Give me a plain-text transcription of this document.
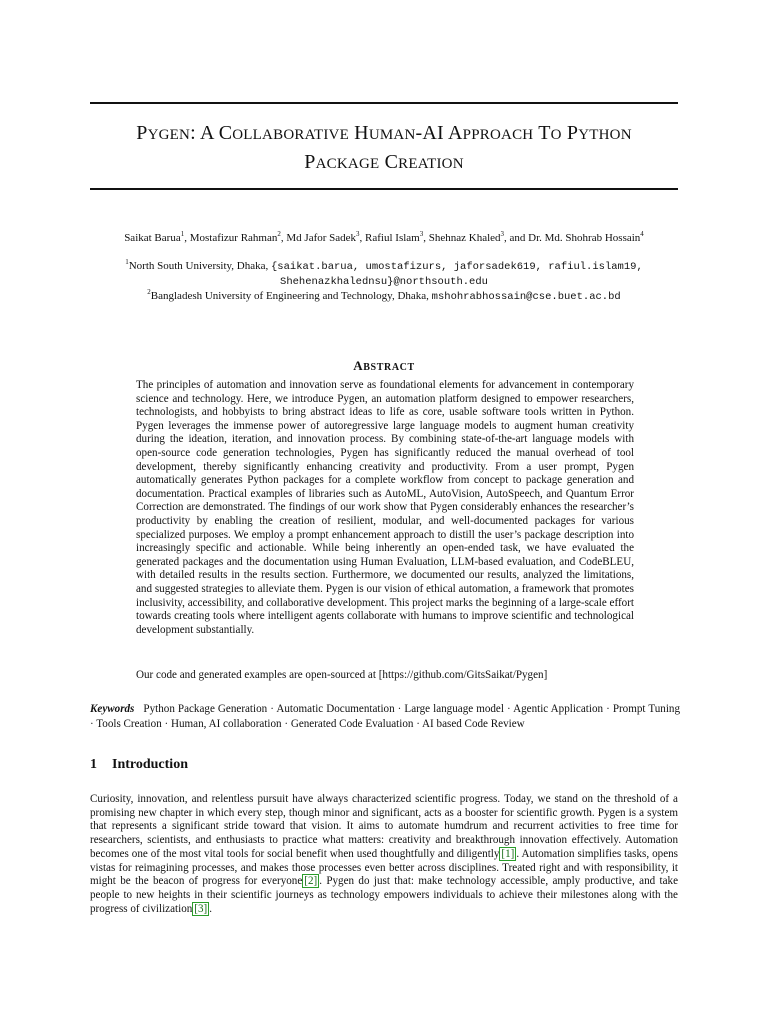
PYGEN: A COLLABORATIVE HUMAN-AI APPROACH TO PYTHON
PACKAGE CREATION
Saikat Barua$^1$, Mostafizur Rahman$^2$, Md Jafor Sadek$^3$, Rafiul Islam$^3$, Shehnaz Khaled$^3$, and Dr. Md. Shohrab Hossain$^4$
$^1$North South University, Dhaka, {saikat.barua, umostafizurs, jaforsadek619, rafiul.islam19,
Shehenazkhalednsu}@northsouth.edu
$^2$Bangladesh University of Engineering and Technology, Dhaka, mshohrabhossain@cse.buet.ac.bd
ABSTRACT

The principles of automation and innovation serve as foundational elements for advancement in contemporary science and technology. Here, we introduce Pygen, an automation platform designed to empower researchers, technologists, and hobbyists to bring abstract ideas to life as core, usable software tools written in Python. Pygen leverages the immense power of autoregressive large language models to augment human creativity during the ideation, iteration, and innovation process. By combining state-of-the-art language models with open-source code generation technologies, Pygen has significantly reduced the manual overhead of tool development, thereby significantly enhancing creativity and productivity. From a user prompt, Pygen automatically generates Python packages for a complete workflow from concept to package generation and documentation. Practical examples of libraries such as AutoML, AutoVision, AutoSpeech, and Quantum Error Correction are demonstrated. The findings of our work show that Pygen considerably enhances the researcher’s productivity by enabling the creation of resilient, modular, and well-documented packages for various specialized purposes. We employ a prompt enhancement approach to distill the user’s package description into increasingly specific and actionable. While being inherently an open-ended task, we have evaluated the generated packages and the documentation using Human Evaluation, LLM-based evaluation, and CodeBLEU, with detailed results in the results section. Furthermore, we documented our results, analyzed the limitations, and suggested strategies to alleviate them. Pygen is our vision of ethical automation, a framework that promotes inclusivity, accessibility, and collaborative development. This project marks the beginning of a large-scale effort towards creating tools where intelligent agents collaborate with humans to improve scientific and technological development substantially.

Our code and generated examples are open-sourced at [https://github.com/GitsSaikat/Pygen]
Keywords Python Package Generation · Automatic Documentation · Large language model · Agentic Application · Prompt Tuning · Tools Creation · Human, AI collaboration · Generated Code Evaluation · AI based Code Review
1 Introduction

Curiosity, innovation, and relentless pursuit have always characterized scientific progress. Today, we stand on the threshold of a promising new chapter in which every step, though minor and significant, acts as a booster for scientific growth. Pygen is a system that represents a significant stride toward that vision. It aims to automate humdrum and recurrent activities to free time for researchers, scientists, and enthusiasts to practice what matters: creativity and breakthrough innovation effectively. Automation becomes one of the most vital tools for social benefit when used thoughtfully and diligently [1] . Automation simplifies tasks, opens vistas for reimagining processes, and makes those processes even better across disciplines. Treated right and with responsibility, it might be the beacon of progress for everyone [2] . Pygen do just that: make technology accessible, amply productive, and take people to new heights in their scientific journeys as technology empowers individuals to achieve their milestones along with the progress of civilization [3] .
